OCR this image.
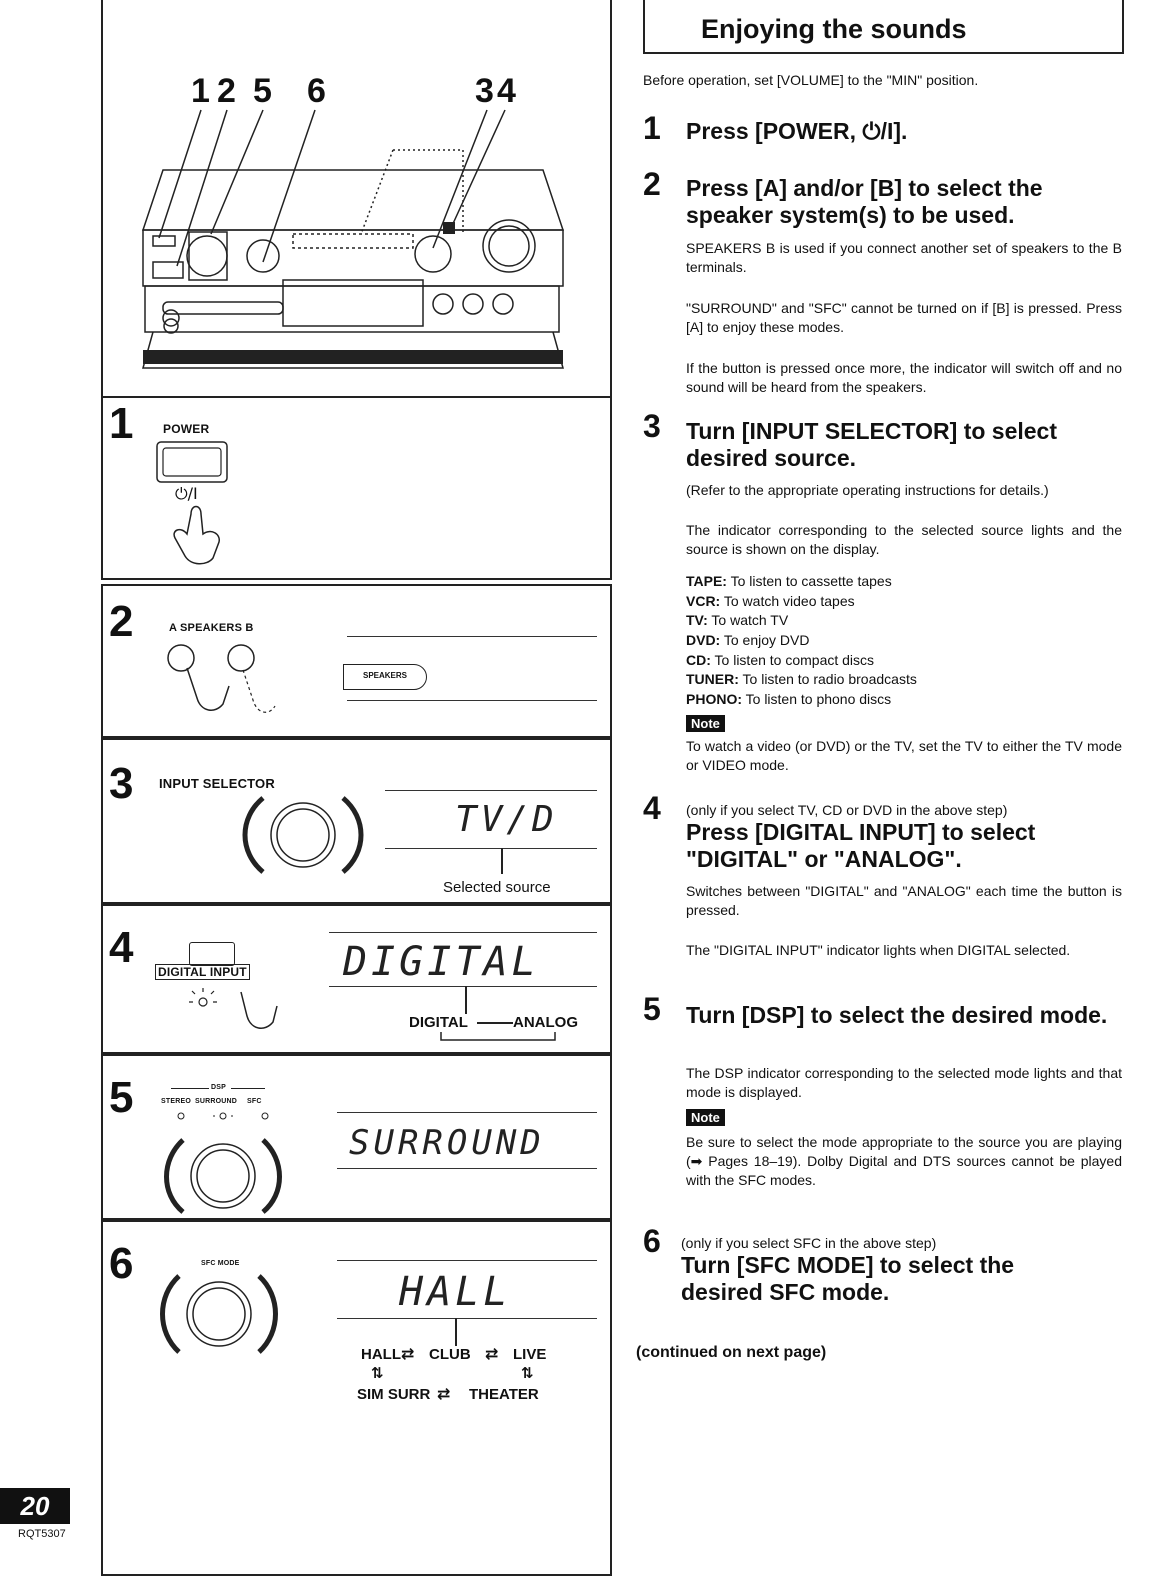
1 2 5 6	3 4
1 POWER
⏻/I
2	A SPEAKERS B
SPEAKERS
3 INPUT SELECTOR
TV/D
Selected source
4 DIGITAL INPUT DIGITAL
DIGITAL	ANALOG
5	DSP
STEREO SURROUND SFC
SURROUND
6	SFC MODE
HALL
HALL ⇄ CLUB ⇄ LIVE
⇅	⇅
SIM SURR ⇄ THEATER
Enjoying the sounds
Before operation, set [VOLUME] to the "MIN" position.
1 Press [POWER, ⏻/I].
2 Press [A] and/or [B] to select the speaker system(s) to be used.
SPEAKERS B is used if you connect another set of speakers to the B terminals.
"SURROUND" and "SFC" cannot be turned on if [B] is pressed. Press [A] to enjoy these modes.
If the button is pressed once more, the indicator will switch off and no sound will be heard from the speakers.
3 Turn [INPUT SELECTOR] to select desired source.
(Refer to the appropriate operating instructions for details.)
The indicator corresponding to the selected source lights and the source is shown on the display.
TAPE: To listen to cassette tapes
VCR: To watch video tapes
TV: To watch TV
DVD: To enjoy DVD
CD: To listen to compact discs
TUNER: To listen to radio broadcasts
PHONO: To listen to phono discs
Note
To watch a video (or DVD) or the TV, set the TV to either the TV mode or VIDEO mode.
4 (only if you select TV, CD or DVD in the above step)
Press [DIGITAL INPUT] to select "DIGITAL" or "ANALOG".
Switches between "DIGITAL" and "ANALOG" each time the button is pressed.
The "DIGITAL INPUT" indicator lights when DIGITAL selected.
5 Turn [DSP] to select the desired mode.
The DSP indicator corresponding to the selected mode lights and that mode is displayed.
Note
Be sure to select the mode appropriate to the source you are playing (➡ Pages 18–19). Dolby Digital and DTS sources cannot be played with the SFC modes.
6 (only if you select SFC in the above step)
Turn [SFC MODE] to select the desired SFC mode.
(continued on next page)
20
RQT5307
